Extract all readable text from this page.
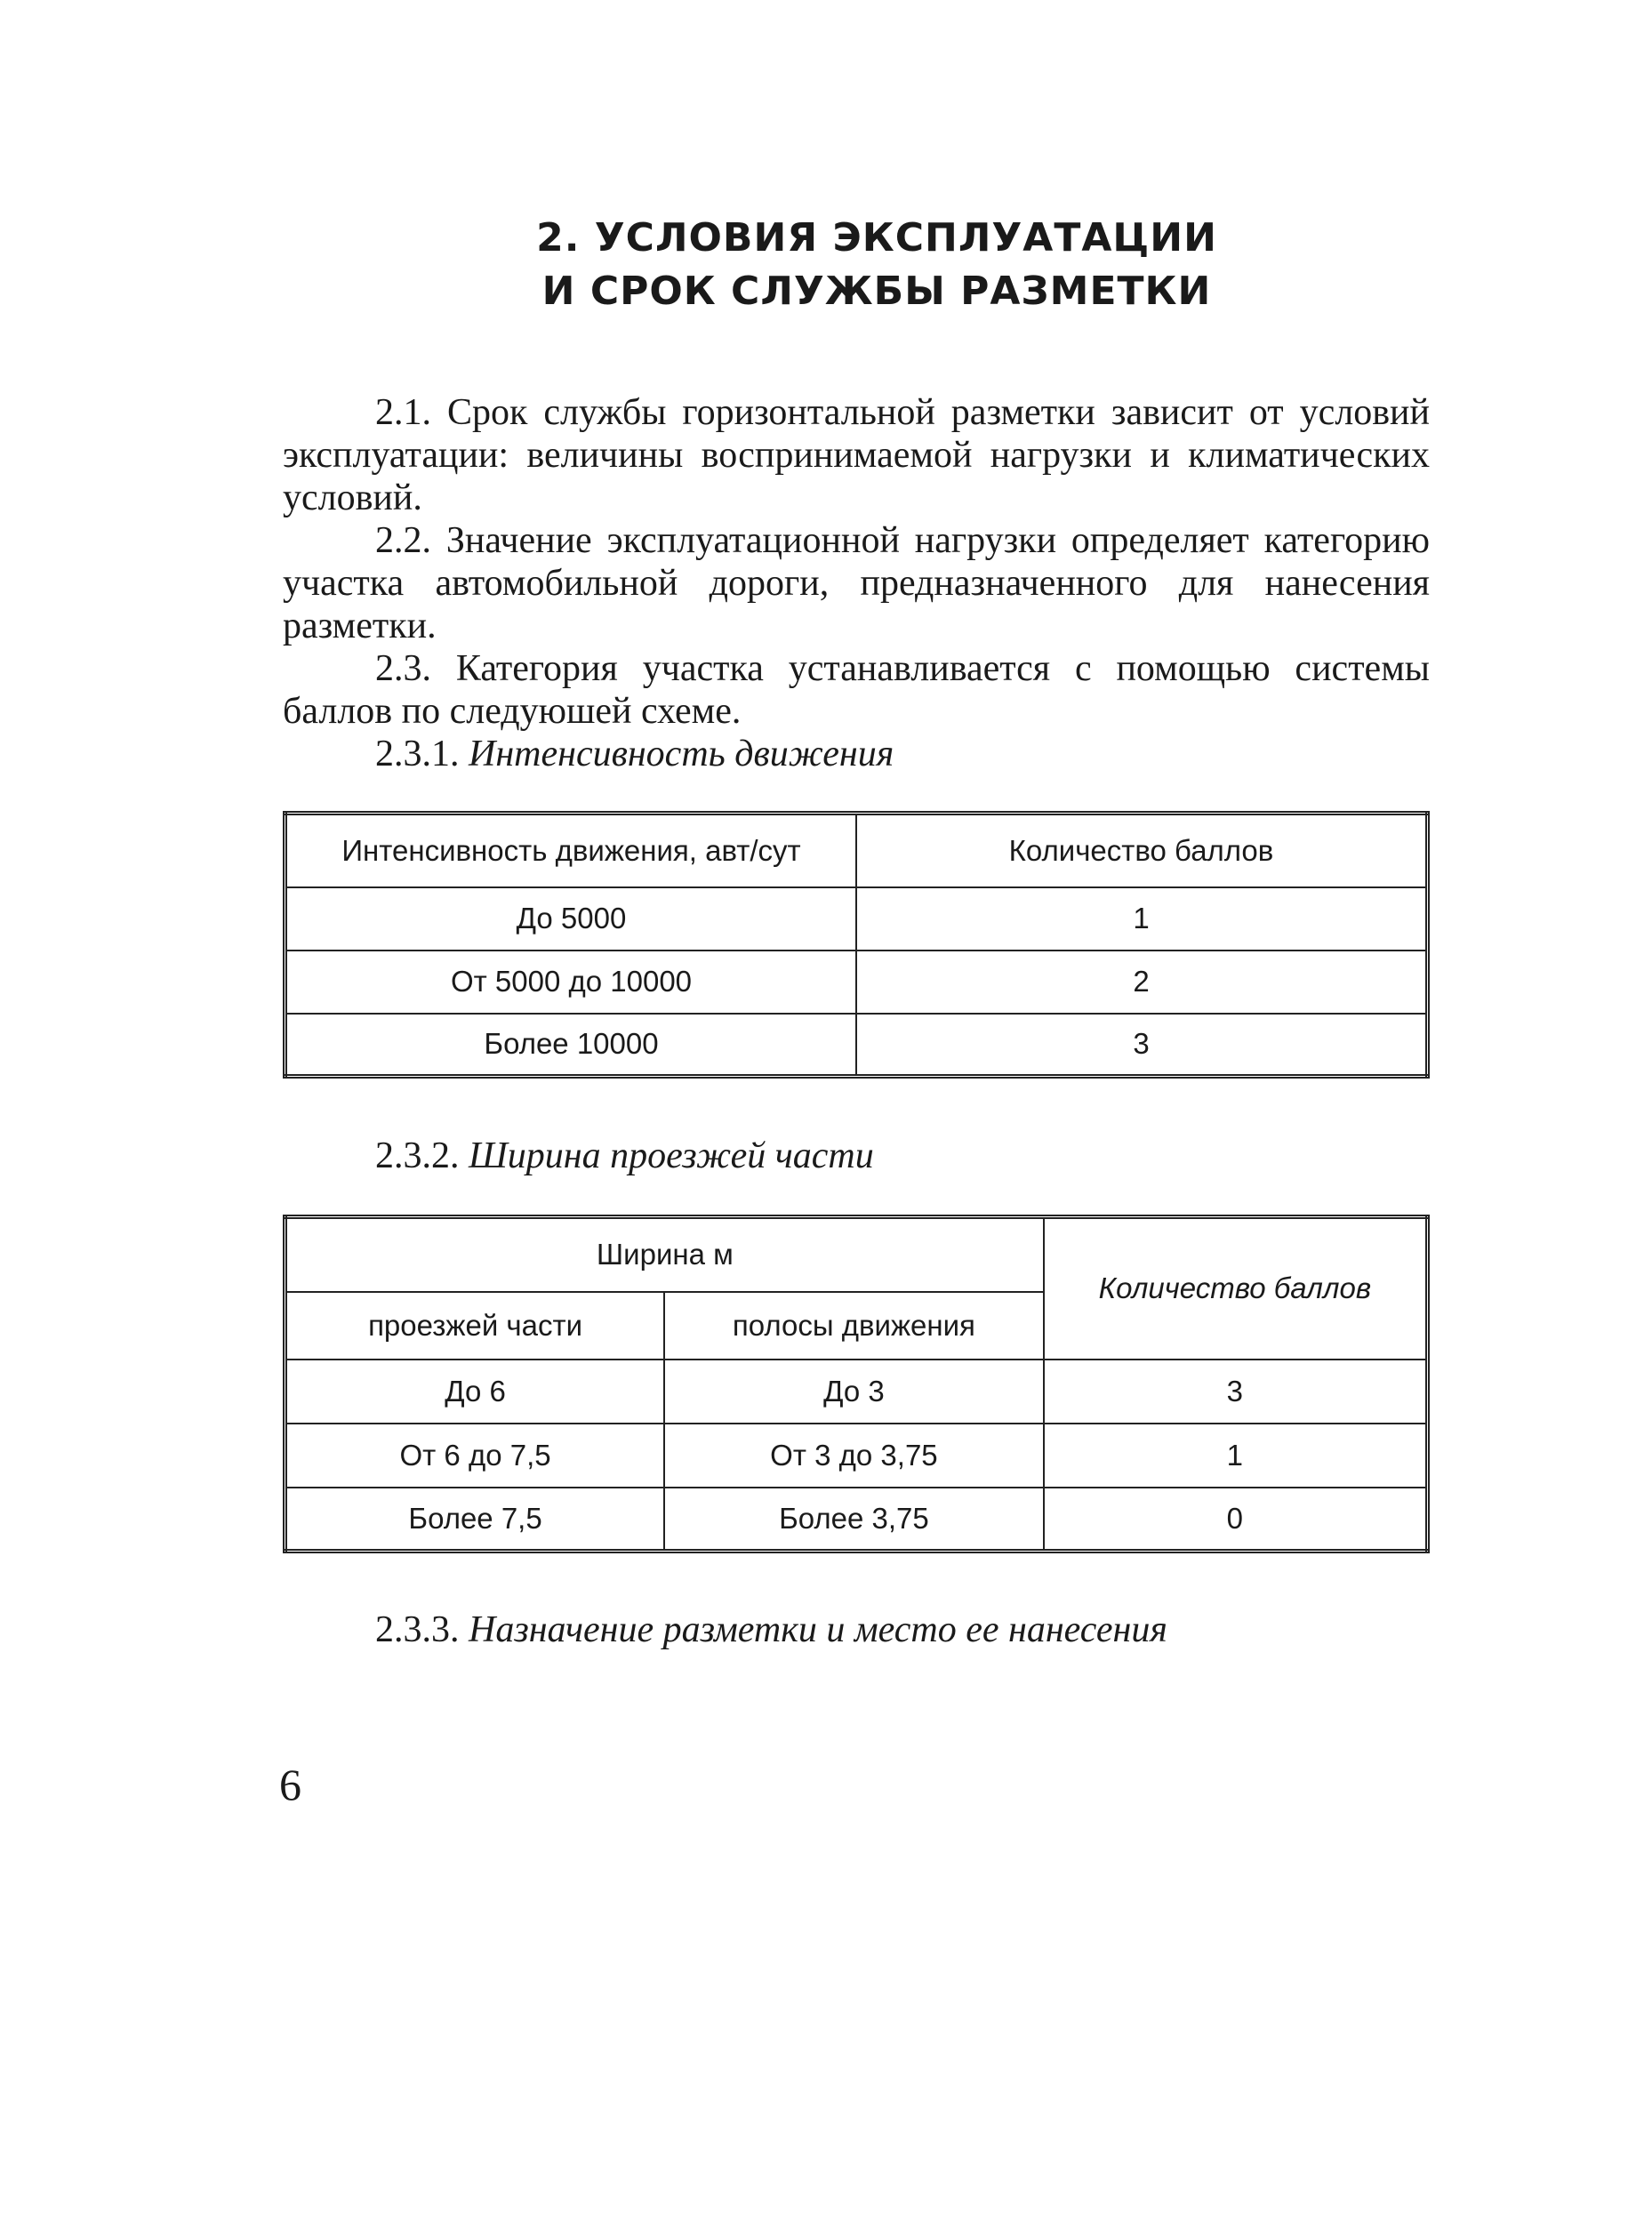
2. УСЛОВИЯ ЭКСПЛУАТАЦИИ
И СРОК СЛУЖБЫ РАЗМЕТКИ

2.1. Срок службы горизонтальной разметки зависит от условий эксплуатации: величины воспринимаемой нагрузки и климатических условий.

2.2. Значение эксплуатационной нагрузки определяет категорию участка автомобильной дороги, предназначенного для нанесения разметки.

2.3. Категория участка устанавливается с помощью системы баллов по следуюшей схеме.

2.3.1. Интенсивность движения

Интенсивность движения, авт/сут	Количество баллов
До 5000	1
От 5000 до 10000	2
Более 10000	3
2.3.2. Ширина проезжей части
Ширина м		Количество баллов
проезжей части	полосы движения	
До 6	До 3	3
От 6 до 7,5	От 3 до 3,75	1
Более 7,5	Более 3,75	0
2.3.3. Назначение разметки и место ее нанесения
6
